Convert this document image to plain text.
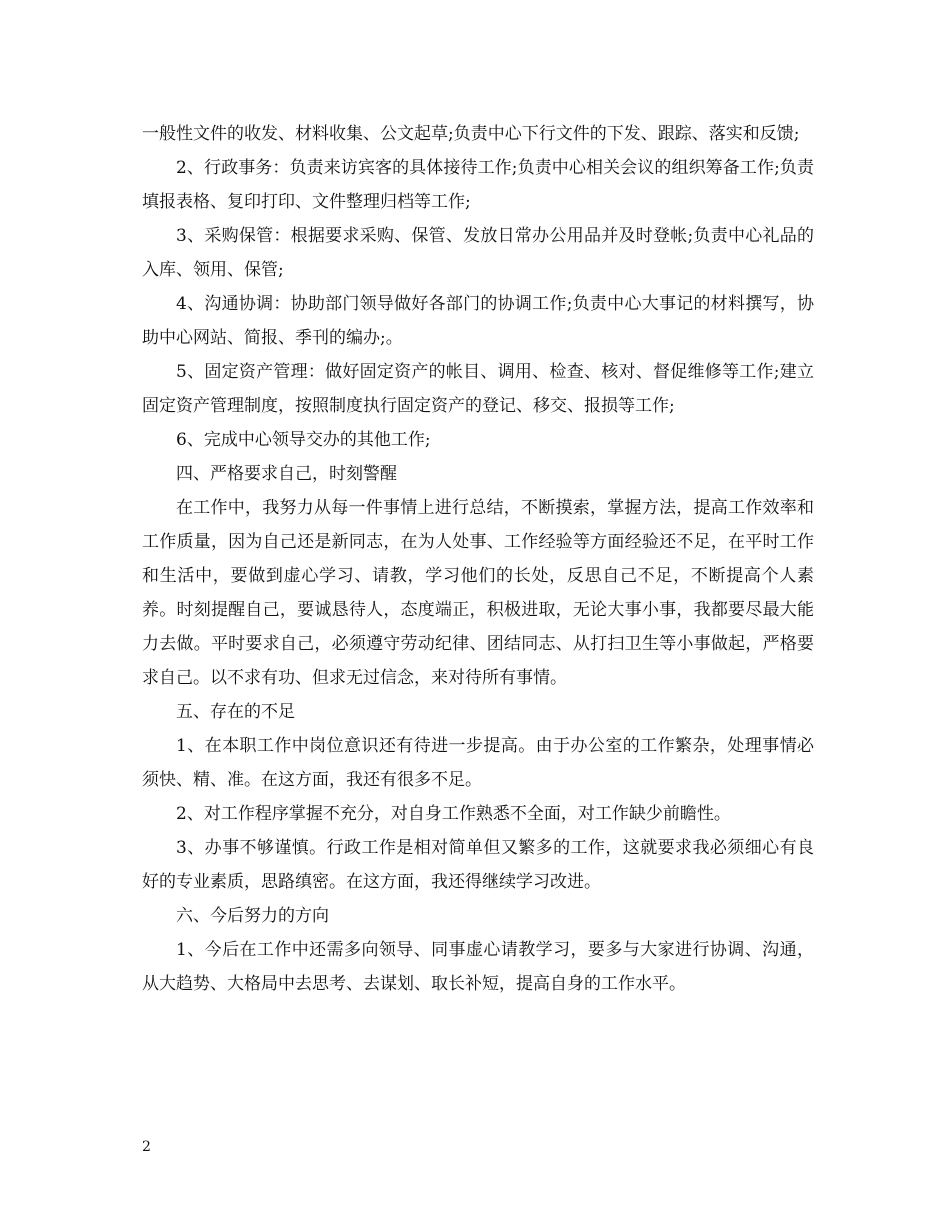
一般性文件的收发、材料收集、公文起草;负责中心下行文件的下发、跟踪、落实和反馈;

2、行政事务：负责来访宾客的具体接待工作;负责中心相关会议的组织筹备工作;负责填报表格、复印打印、文件整理归档等工作;

3、采购保管：根据要求采购、保管、发放日常办公用品并及时登帐;负责中心礼品的入库、领用、保管;

4、沟通协调：协助部门领导做好各部门的协调工作;负责中心大事记的材料撰写，协助中心网站、简报、季刊的编办;。

5、固定资产管理：做好固定资产的帐目、调用、检查、核对、督促维修等工作;建立固定资产管理制度，按照制度执行固定资产的登记、移交、报损等工作;

6、完成中心领导交办的其他工作;

四、严格要求自己，时刻警醒

在工作中，我努力从每一件事情上进行总结，不断摸索，掌握方法，提高工作效率和工作质量，因为自己还是新同志，在为人处事、工作经验等方面经验还不足，在平时工作和生活中，要做到虚心学习、请教，学习他们的长处，反思自己不足，不断提高个人素养。时刻提醒自己，要诚恳待人，态度端正，积极进取，无论大事小事，我都要尽最大能力去做。平时要求自己，必须遵守劳动纪律、团结同志、从打扫卫生等小事做起，严格要求自己。以不求有功、但求无过信念，来对待所有事情。

五、存在的不足

1、在本职工作中岗位意识还有待进一步提高。由于办公室的工作繁杂，处理事情必须快、精、准。在这方面，我还有很多不足。

2、对工作程序掌握不充分，对自身工作熟悉不全面，对工作缺少前瞻性。

3、办事不够谨慎。行政工作是相对简单但又繁多的工作，这就要求我必须细心有良好的专业素质，思路缜密。在这方面，我还得继续学习改进。

六、今后努力的方向

1、今后在工作中还需多向领导、同事虚心请教学习，要多与大家进行协调、沟通，从大趋势、大格局中去思考、去谋划、取长补短，提高自身的工作水平。

2
